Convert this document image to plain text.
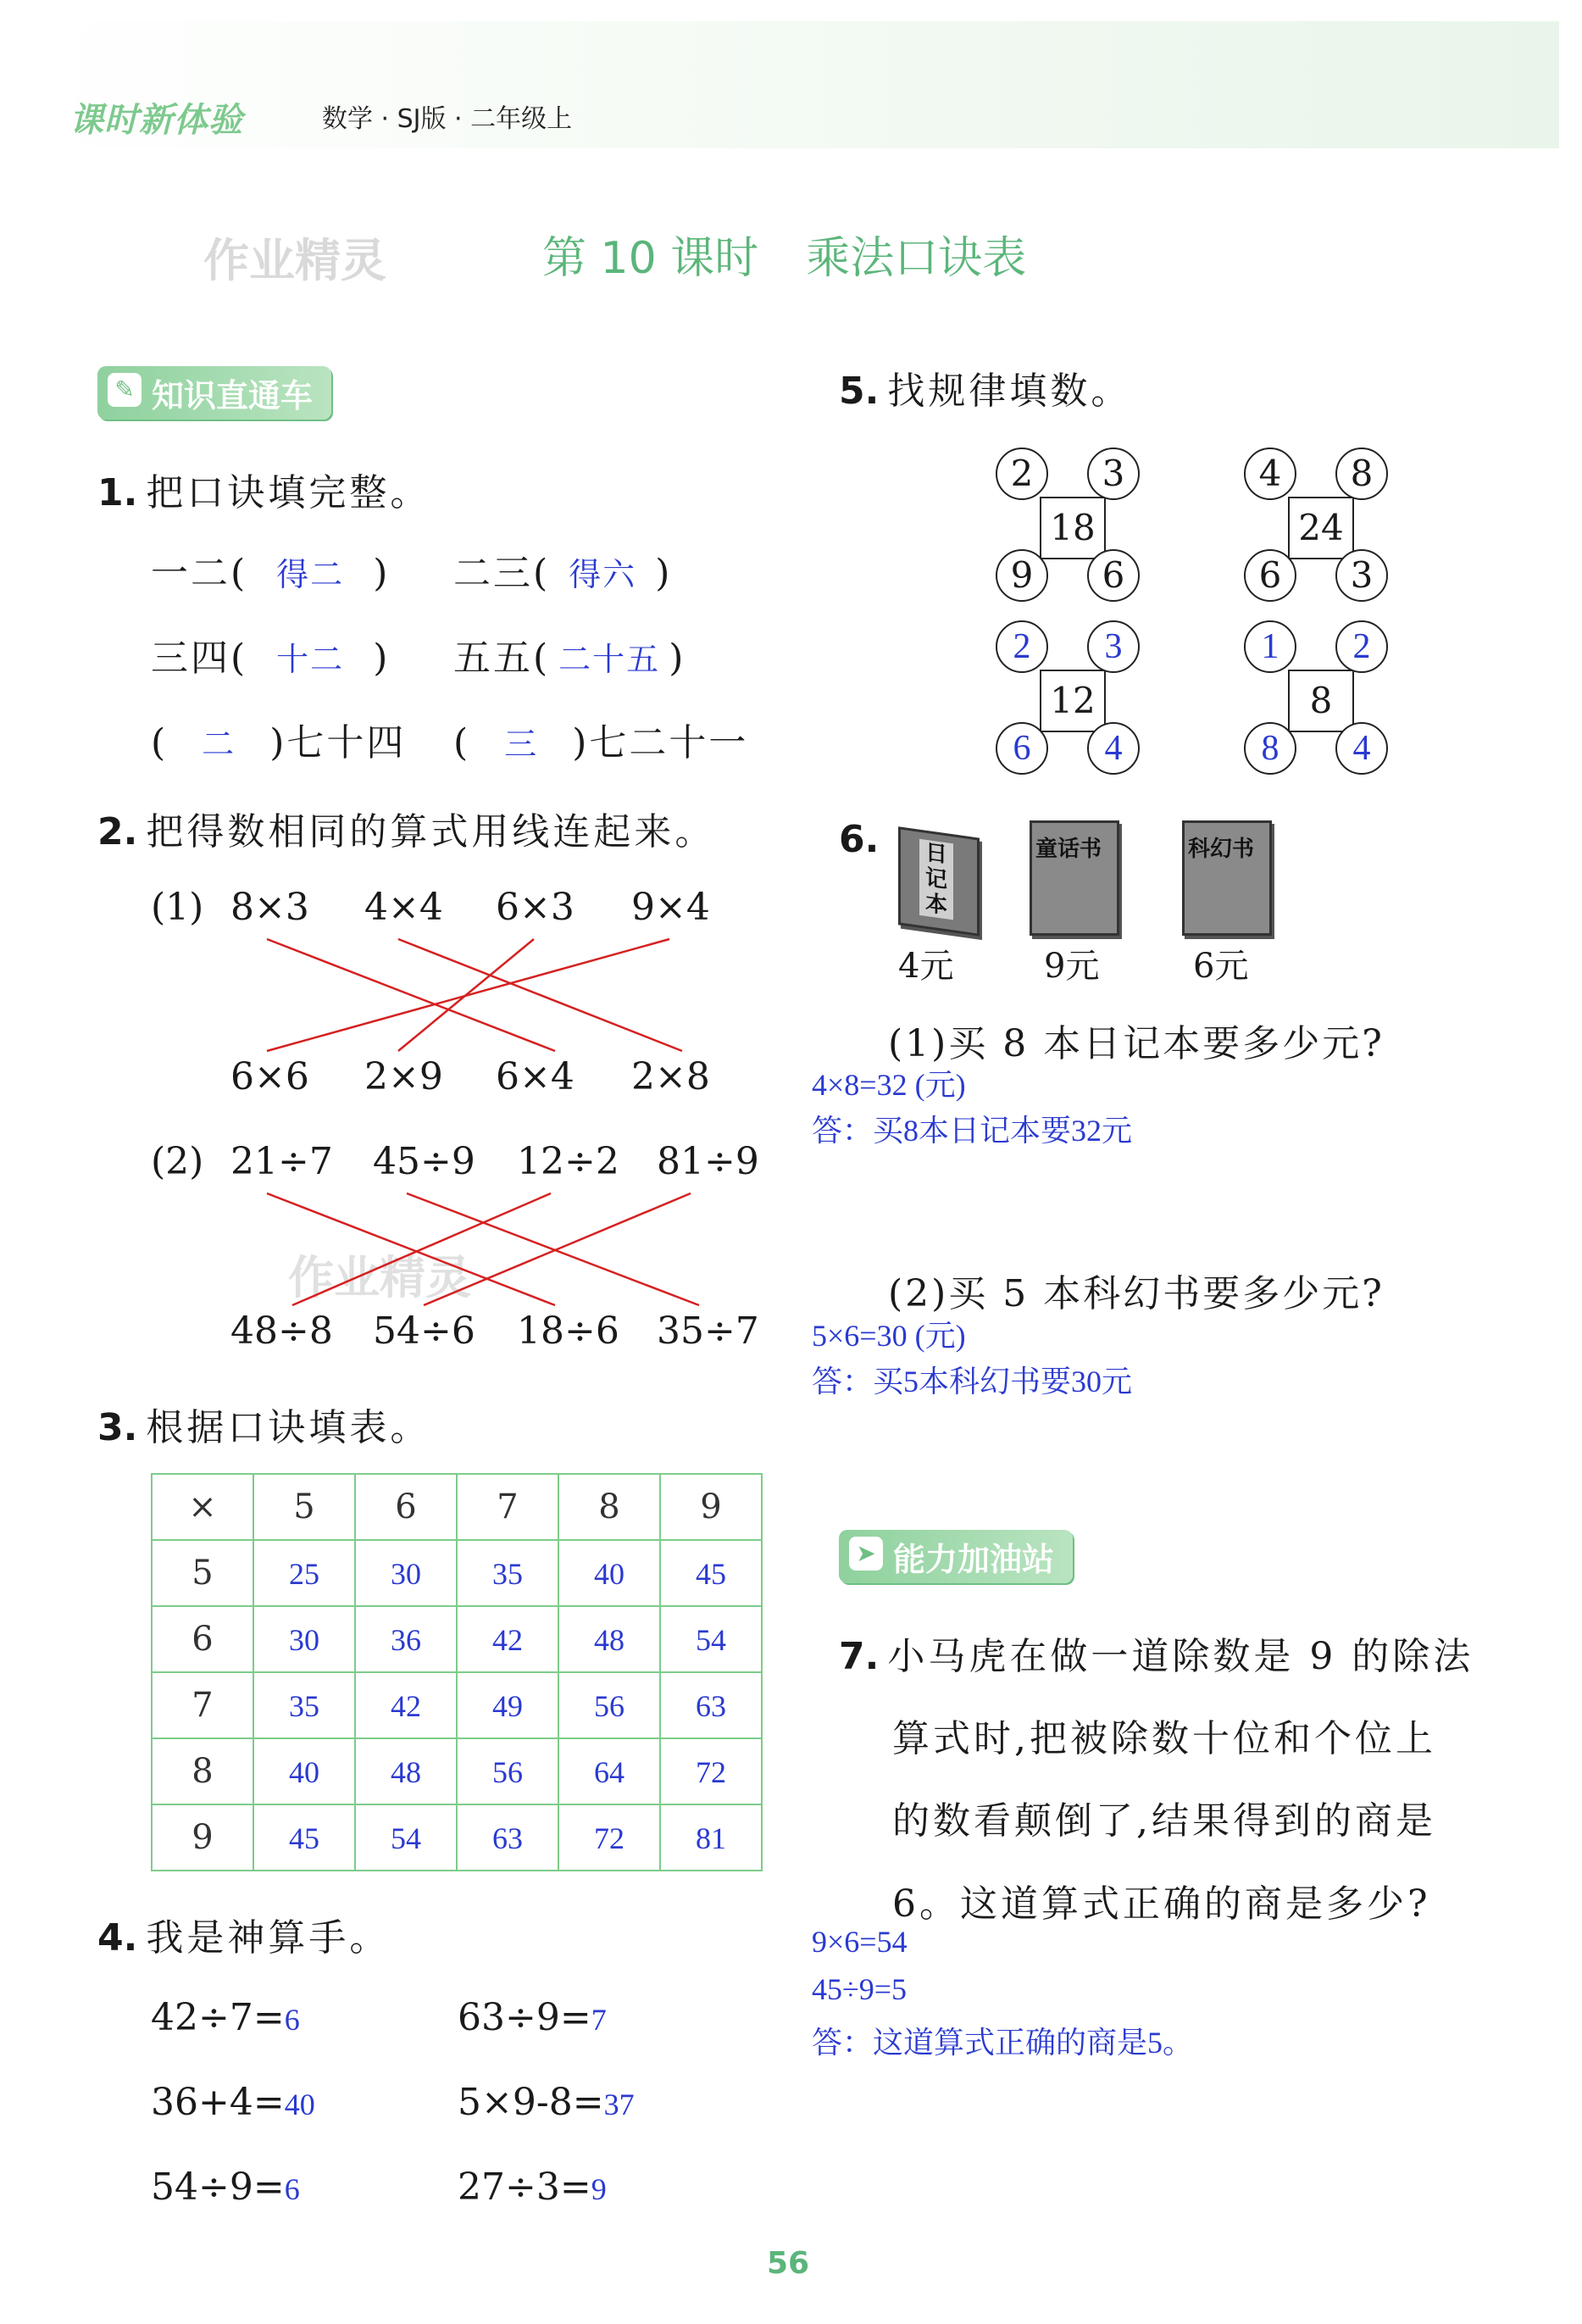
课时新体验	数学 · SJ版 · 二年级上
作业精灵	第 10 课时 乘法口诀表
✎ 知识直通车
1. 把口诀填完整。
一二( 得二 ) 二三( 得六 )
三四( 十二 ) 五五( 二十五 )
( 二 )七十四 ( 三 )七二十一
2. 把得数相同的算式用线连起来。
(1) 8×3 4×4 6×3 9×4
6×6 2×9 6×4 2×8
(2) 21÷7 45÷9 12÷2 81÷9
48÷8 54÷6 18÷6 35÷7
作业精灵
3. 根据口诀填表。
×	5	6	7	8	9
5	25	30	35	40	45
6	30	36	42	48	54
7	35	42	49	56	63
8	40	48	56	64	72
9	45	54	63	72	81
4. 我是神算手。
42÷7=6	63÷9=7
36+4=40	5×9-8=37
54÷9=6	27÷3=9
5. 找规律填数。
18
2	3
9	6
24
4	8
6	3
12
2	3
6	4
8
1	2
8	4
6.	日记本
4元
童话书
9元
科幻书
6元
(1)买 8 本日记本要多少元?
4×8=32 (元)
答：买8本日记本要32元
(2)买 5 本科幻书要多少元?
5×6=30 (元)
答：买5本科幻书要30元
➤ 能力加油站
7. 小马虎在做一道除数是 9 的除法
算式时,把被除数十位和个位上
的数看颠倒了,结果得到的商是
6。这道算式正确的商是多少?
9×6=54
45÷9=5
答：这道算式正确的商是5。
56
